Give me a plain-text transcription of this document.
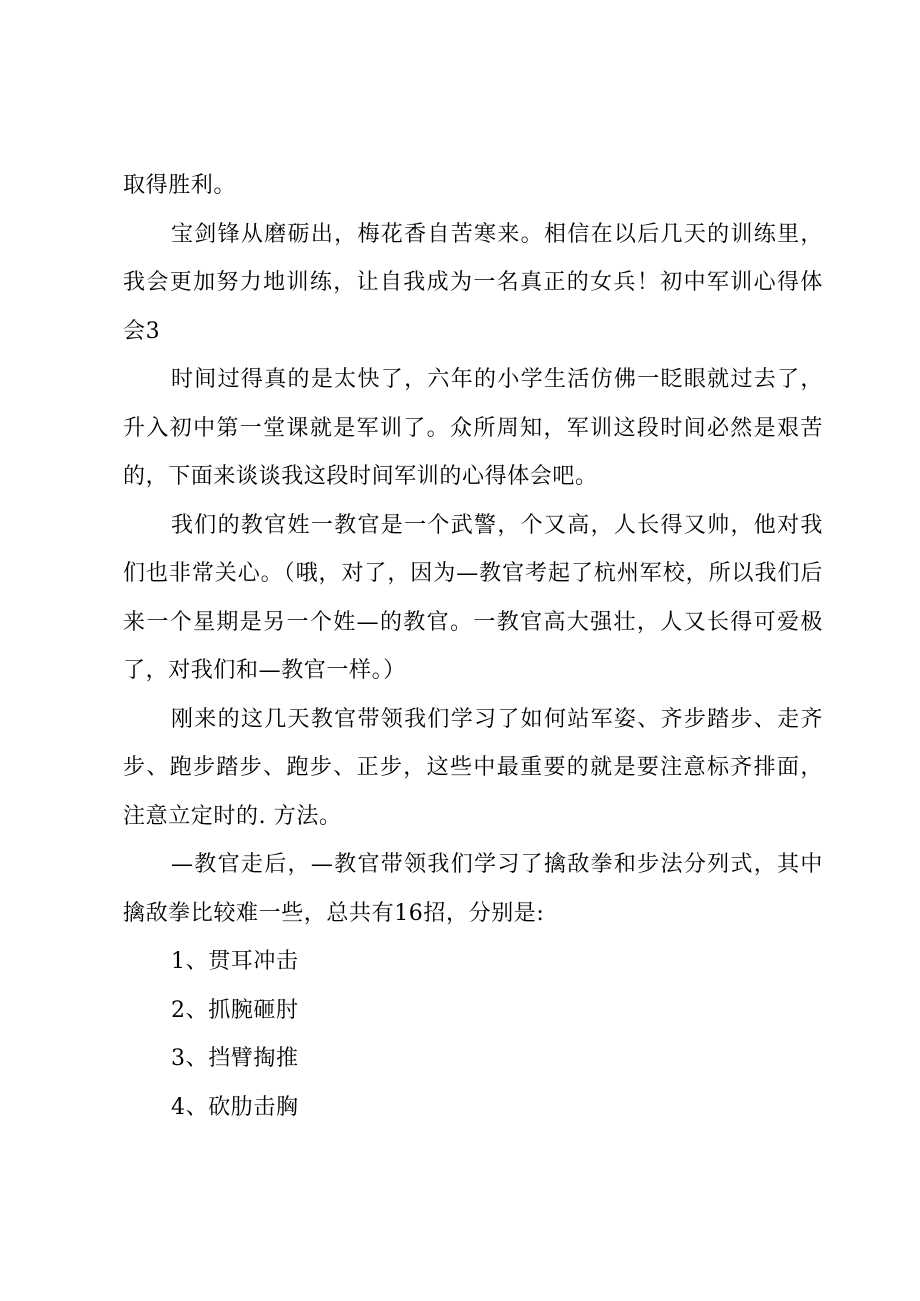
取得胜利。

宝剑锋从磨砺出，梅花香自苦寒来。相信在以后几天的训练里，我会更加努力地训练，让自我成为一名真正的女兵！初中军训心得体会3

时间过得真的是太快了，六年的小学生活仿佛一眨眼就过去了，升入初中第一堂课就是军训了。众所周知，军训这段时间必然是艰苦的，下面来谈谈我这段时间军训的心得体会吧。

我们的教官姓一教官是一个武警，个又高，人长得又帅，他对我们也非常关心。（哦，对了，因为—教官考起了杭州军校，所以我们后来一个星期是另一个姓—的教官。一教官高大强壮，人又长得可爱极了，对我们和—教官一样。）

刚来的这几天教官带领我们学习了如何站军姿、齐步踏步、走齐步、跑步踏步、跑步、正步，这些中最重要的就是要注意标齐排面，注意立定时的. 方法。

—教官走后，—教官带领我们学习了擒敌拳和步法分列式，其中擒敌拳比较难一些，总共有16招，分别是:

1、贯耳冲击

2、抓腕砸肘

3、挡臂掏推

4、砍肋击胸
